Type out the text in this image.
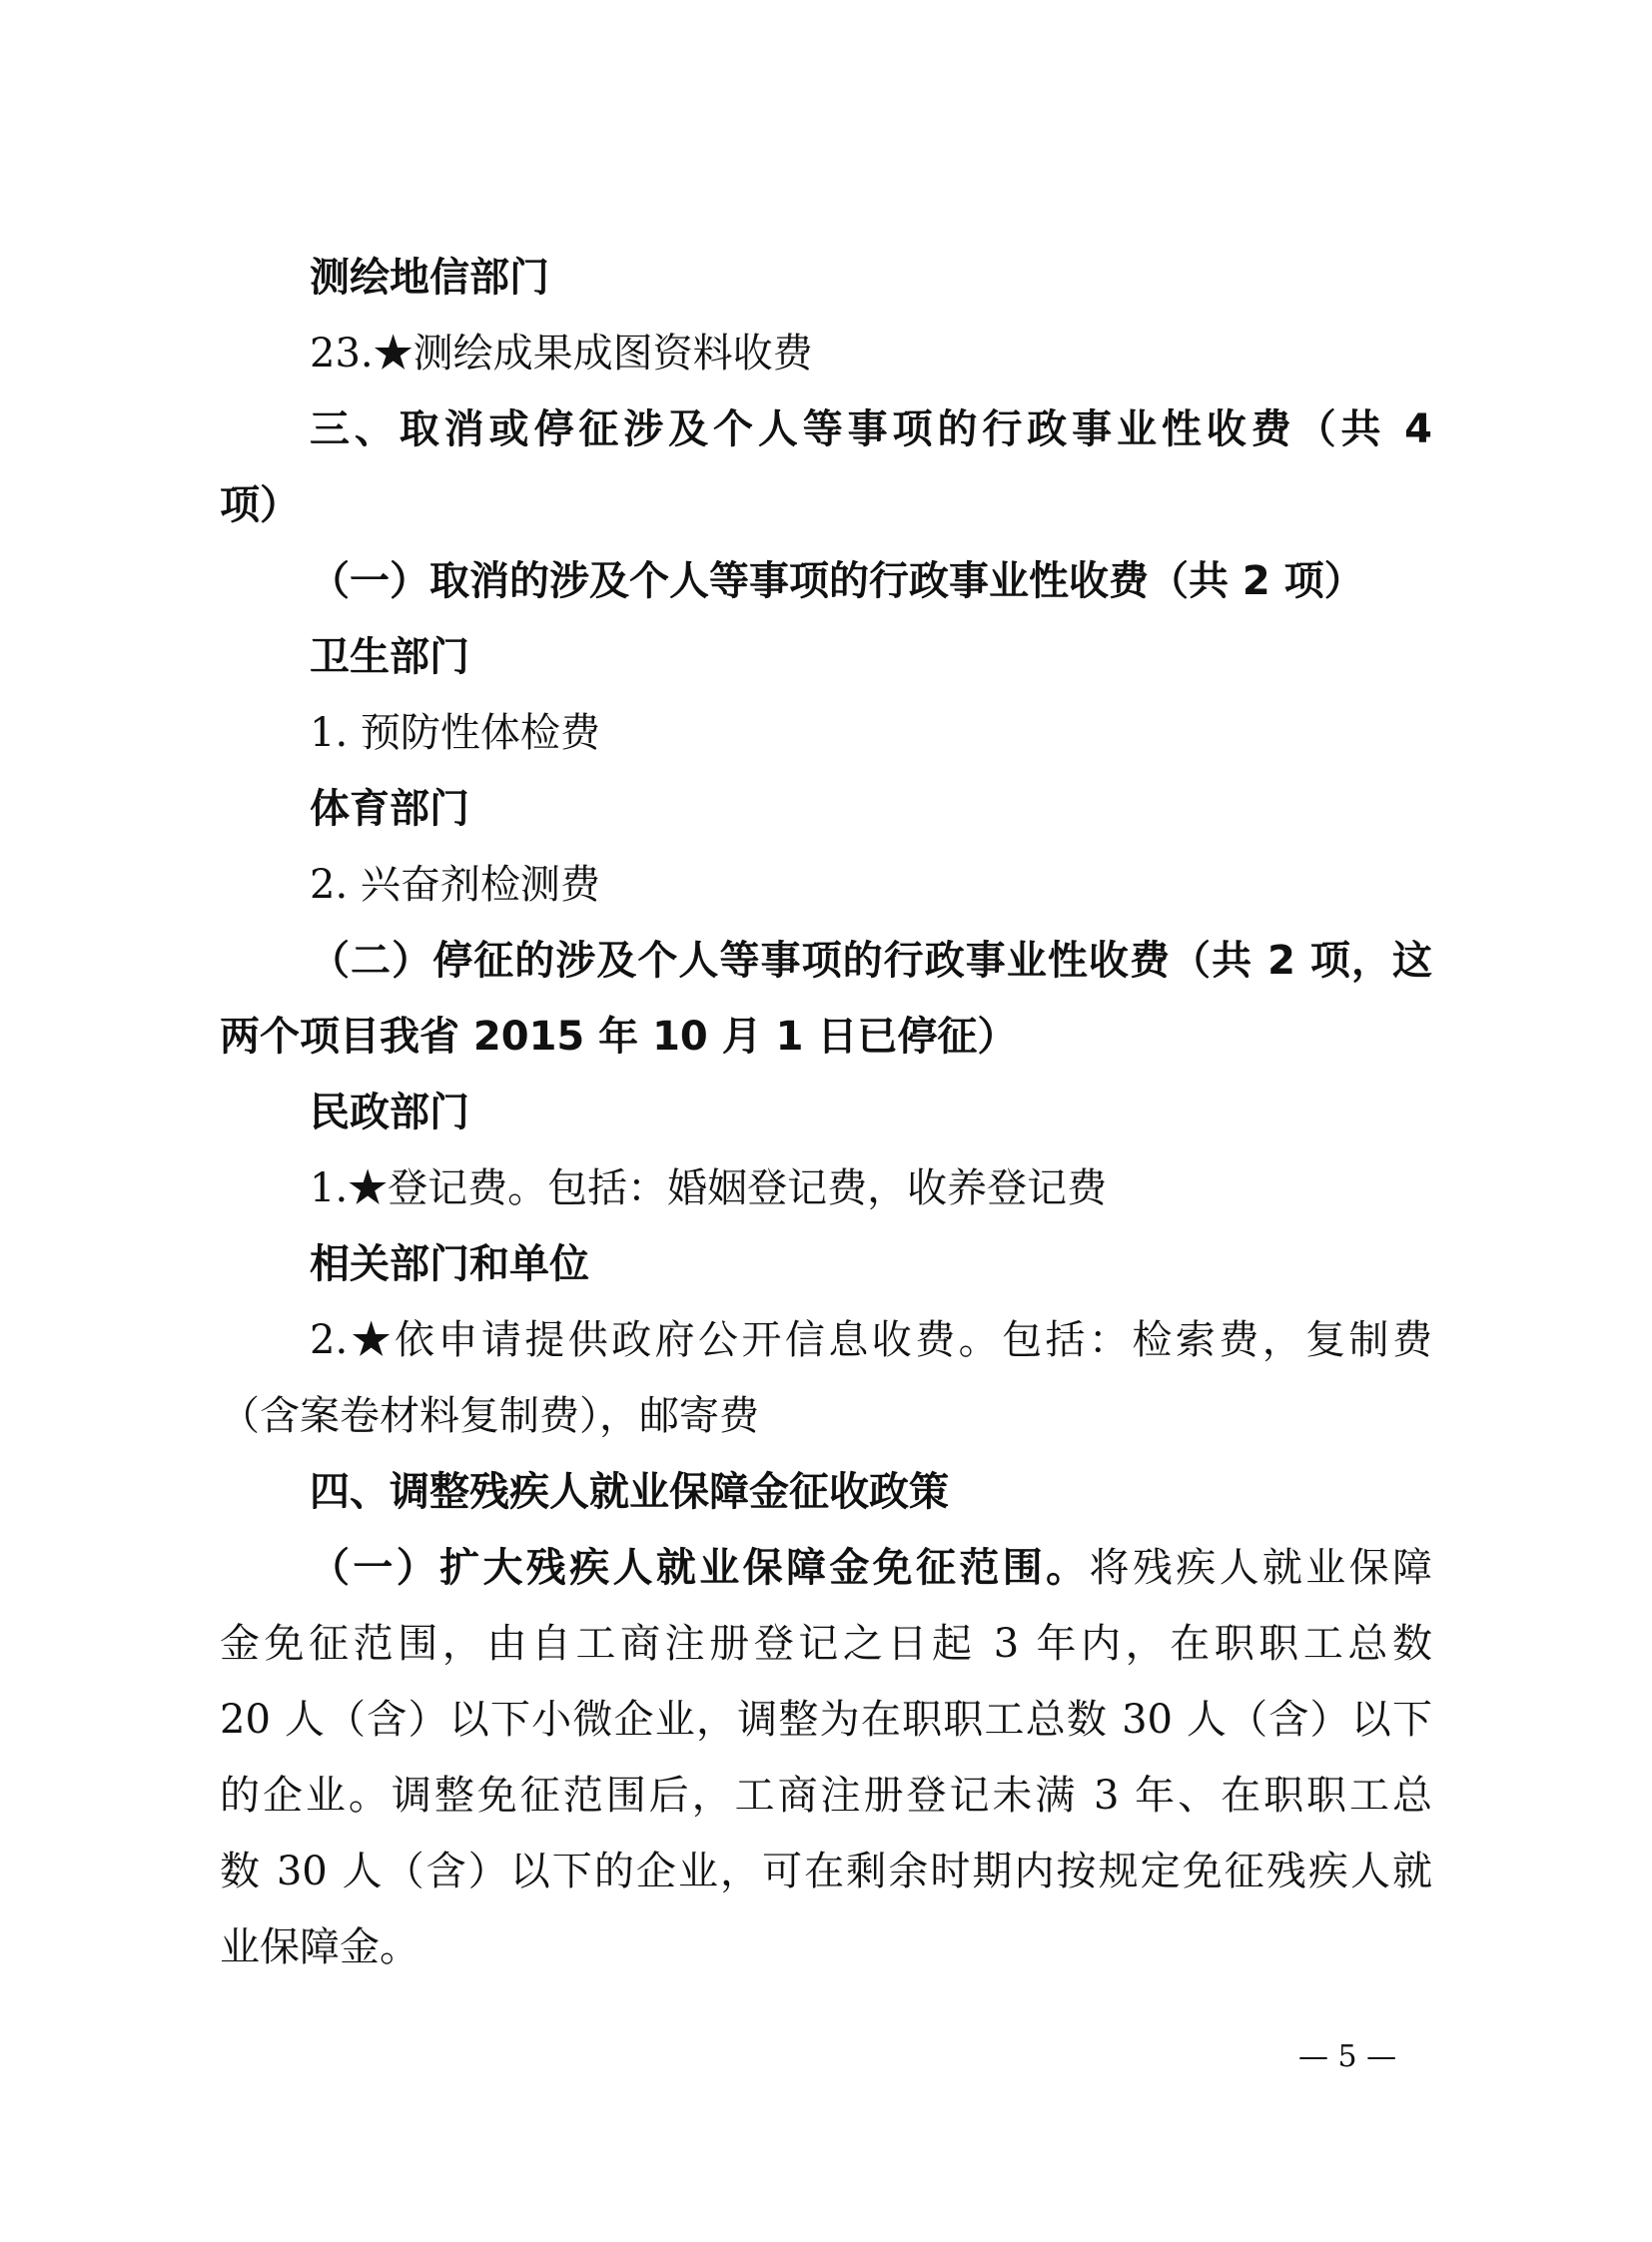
测绘地信部门
23.★测绘成果成图资料收费
三、取消或停征涉及个人等事项的行政事业性收费（共 4
项）
（一）取消的涉及个人等事项的行政事业性收费（共 2 项）
卫生部门
1. 预防性体检费
体育部门
2. 兴奋剂检测费
（二）停征的涉及个人等事项的行政事业性收费（共 2 项，这
两个项目我省 2015 年 10 月 1 日已停征）
民政部门
1.★登记费。包括：婚姻登记费，收养登记费
相关部门和单位
2.★依申请提供政府公开信息收费。包括：检索费，复制费
（含案卷材料复制费），邮寄费
四、调整残疾人就业保障金征收政策
（一）扩大残疾人就业保障金免征范围。将残疾人就业保障
金免征范围，由自工商注册登记之日起 3 年内，在职职工总数
20 人（含）以下小微企业，调整为在职职工总数 30 人（含）以下
的企业。调整免征范围后，工商注册登记未满 3 年、在职职工总
数 30 人（含）以下的企业，可在剩余时期内按规定免征残疾人就
业保障金。
— 5 —
